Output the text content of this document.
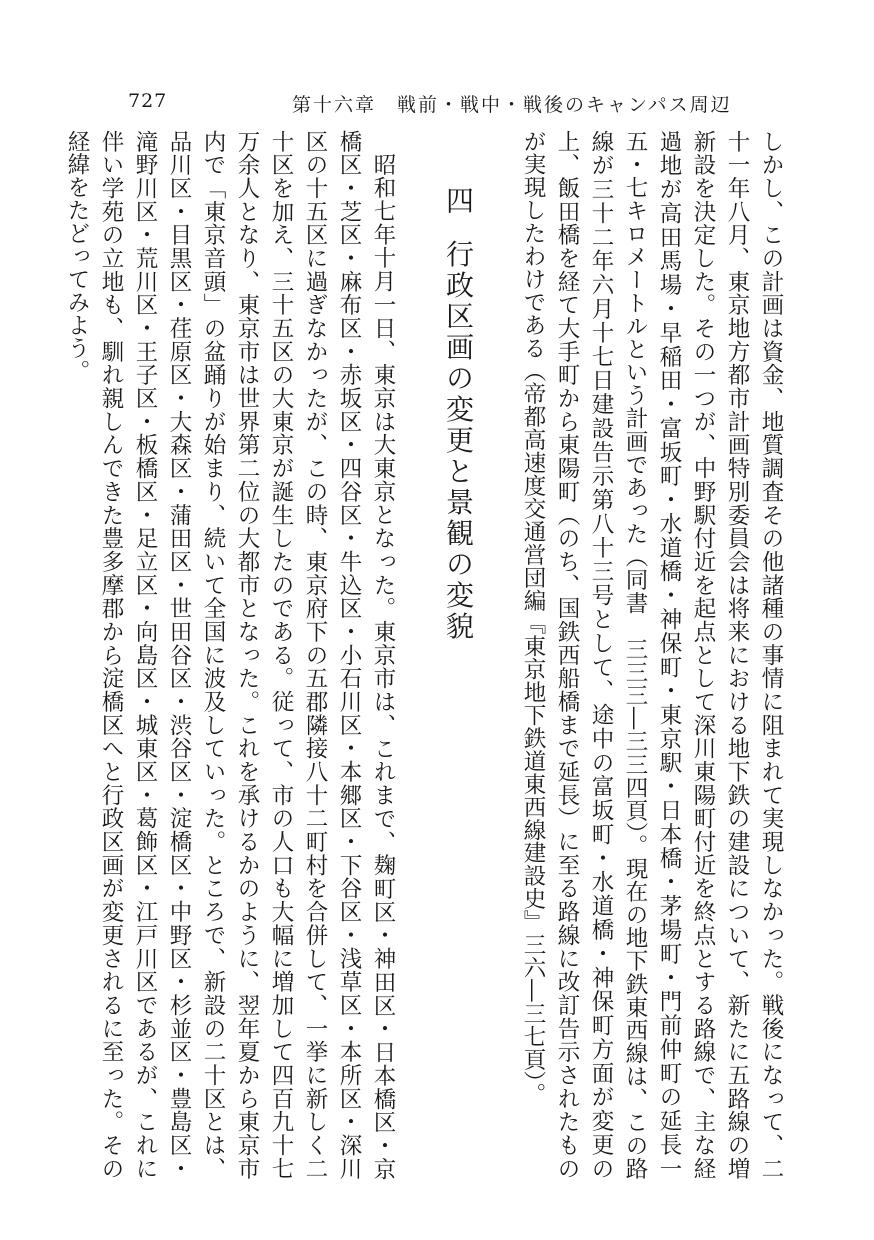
727	第十六章　戦前・戦中・戦後のキャンパス周辺

しかし、この計画は資金、地質調査その他諸種の事情に阻まれて実現しなかった。戦後になって、二十一年八月、東京地方都市計画特別委員会は将来における地下鉄の建設について、新たに五路線の増新設を決定した。その一つが、中野駅付近を起点として深川東陽町付近を終点とする路線で、主な経過地が高田馬場・早稲田・富坂町・水道橋・神保町・東京駅・日本橋・茅場町・門前仲町の延長一五・七キロメートルという計画であった（同書　三三三―三三四頁）。現在の地下鉄東西線は、この路線が三十二年六月十七日建設告示第八十三号として、途中の富坂町・水道橋・神保町方面が変更の上、飯田橋を経て大手町から東陽町（のち、国鉄西船橋まで延長）に至る路線に改訂告示されたものが実現したわけである（帝都高速度交通営団編『東京地下鉄道東西線建設史』三六―三七頁）。

四行政区画の変更と景観の変貌

昭和七年十月一日、東京は大東京となった。東京市は、これまで、麹町区・神田区・日本橋区・京橋区・芝区・麻布区・赤坂区・四谷区・牛込区・小石川区・本郷区・下谷区・浅草区・本所区・深川区の十五区に過ぎなかったが、この時、東京府下の五郡隣接八十二町村を合併して、一挙に新しく二十区を加え、三十五区の大東京が誕生したのである。従って、市の人口も大幅に増加して四百九十七万余人となり、東京市は世界第二位の大都市となった。これを承けるかのように、翌年夏から東京市内で「東京音頭」の盆踊りが始まり、続いて全国に波及していった。ところで、新設の二十区とは、品川区・目黒区・荏原区・大森区・蒲田区・世田谷区・渋谷区・淀橋区・中野区・杉並区・豊島区・滝野川区・荒川区・王子区・板橋区・足立区・向島区・城東区・葛飾区・江戸川区であるが、これに伴い学苑の立地も、馴れ親しんできた豊多摩郡から淀橋区へと行政区画が変更されるに至った。その経緯をたどってみよう。
